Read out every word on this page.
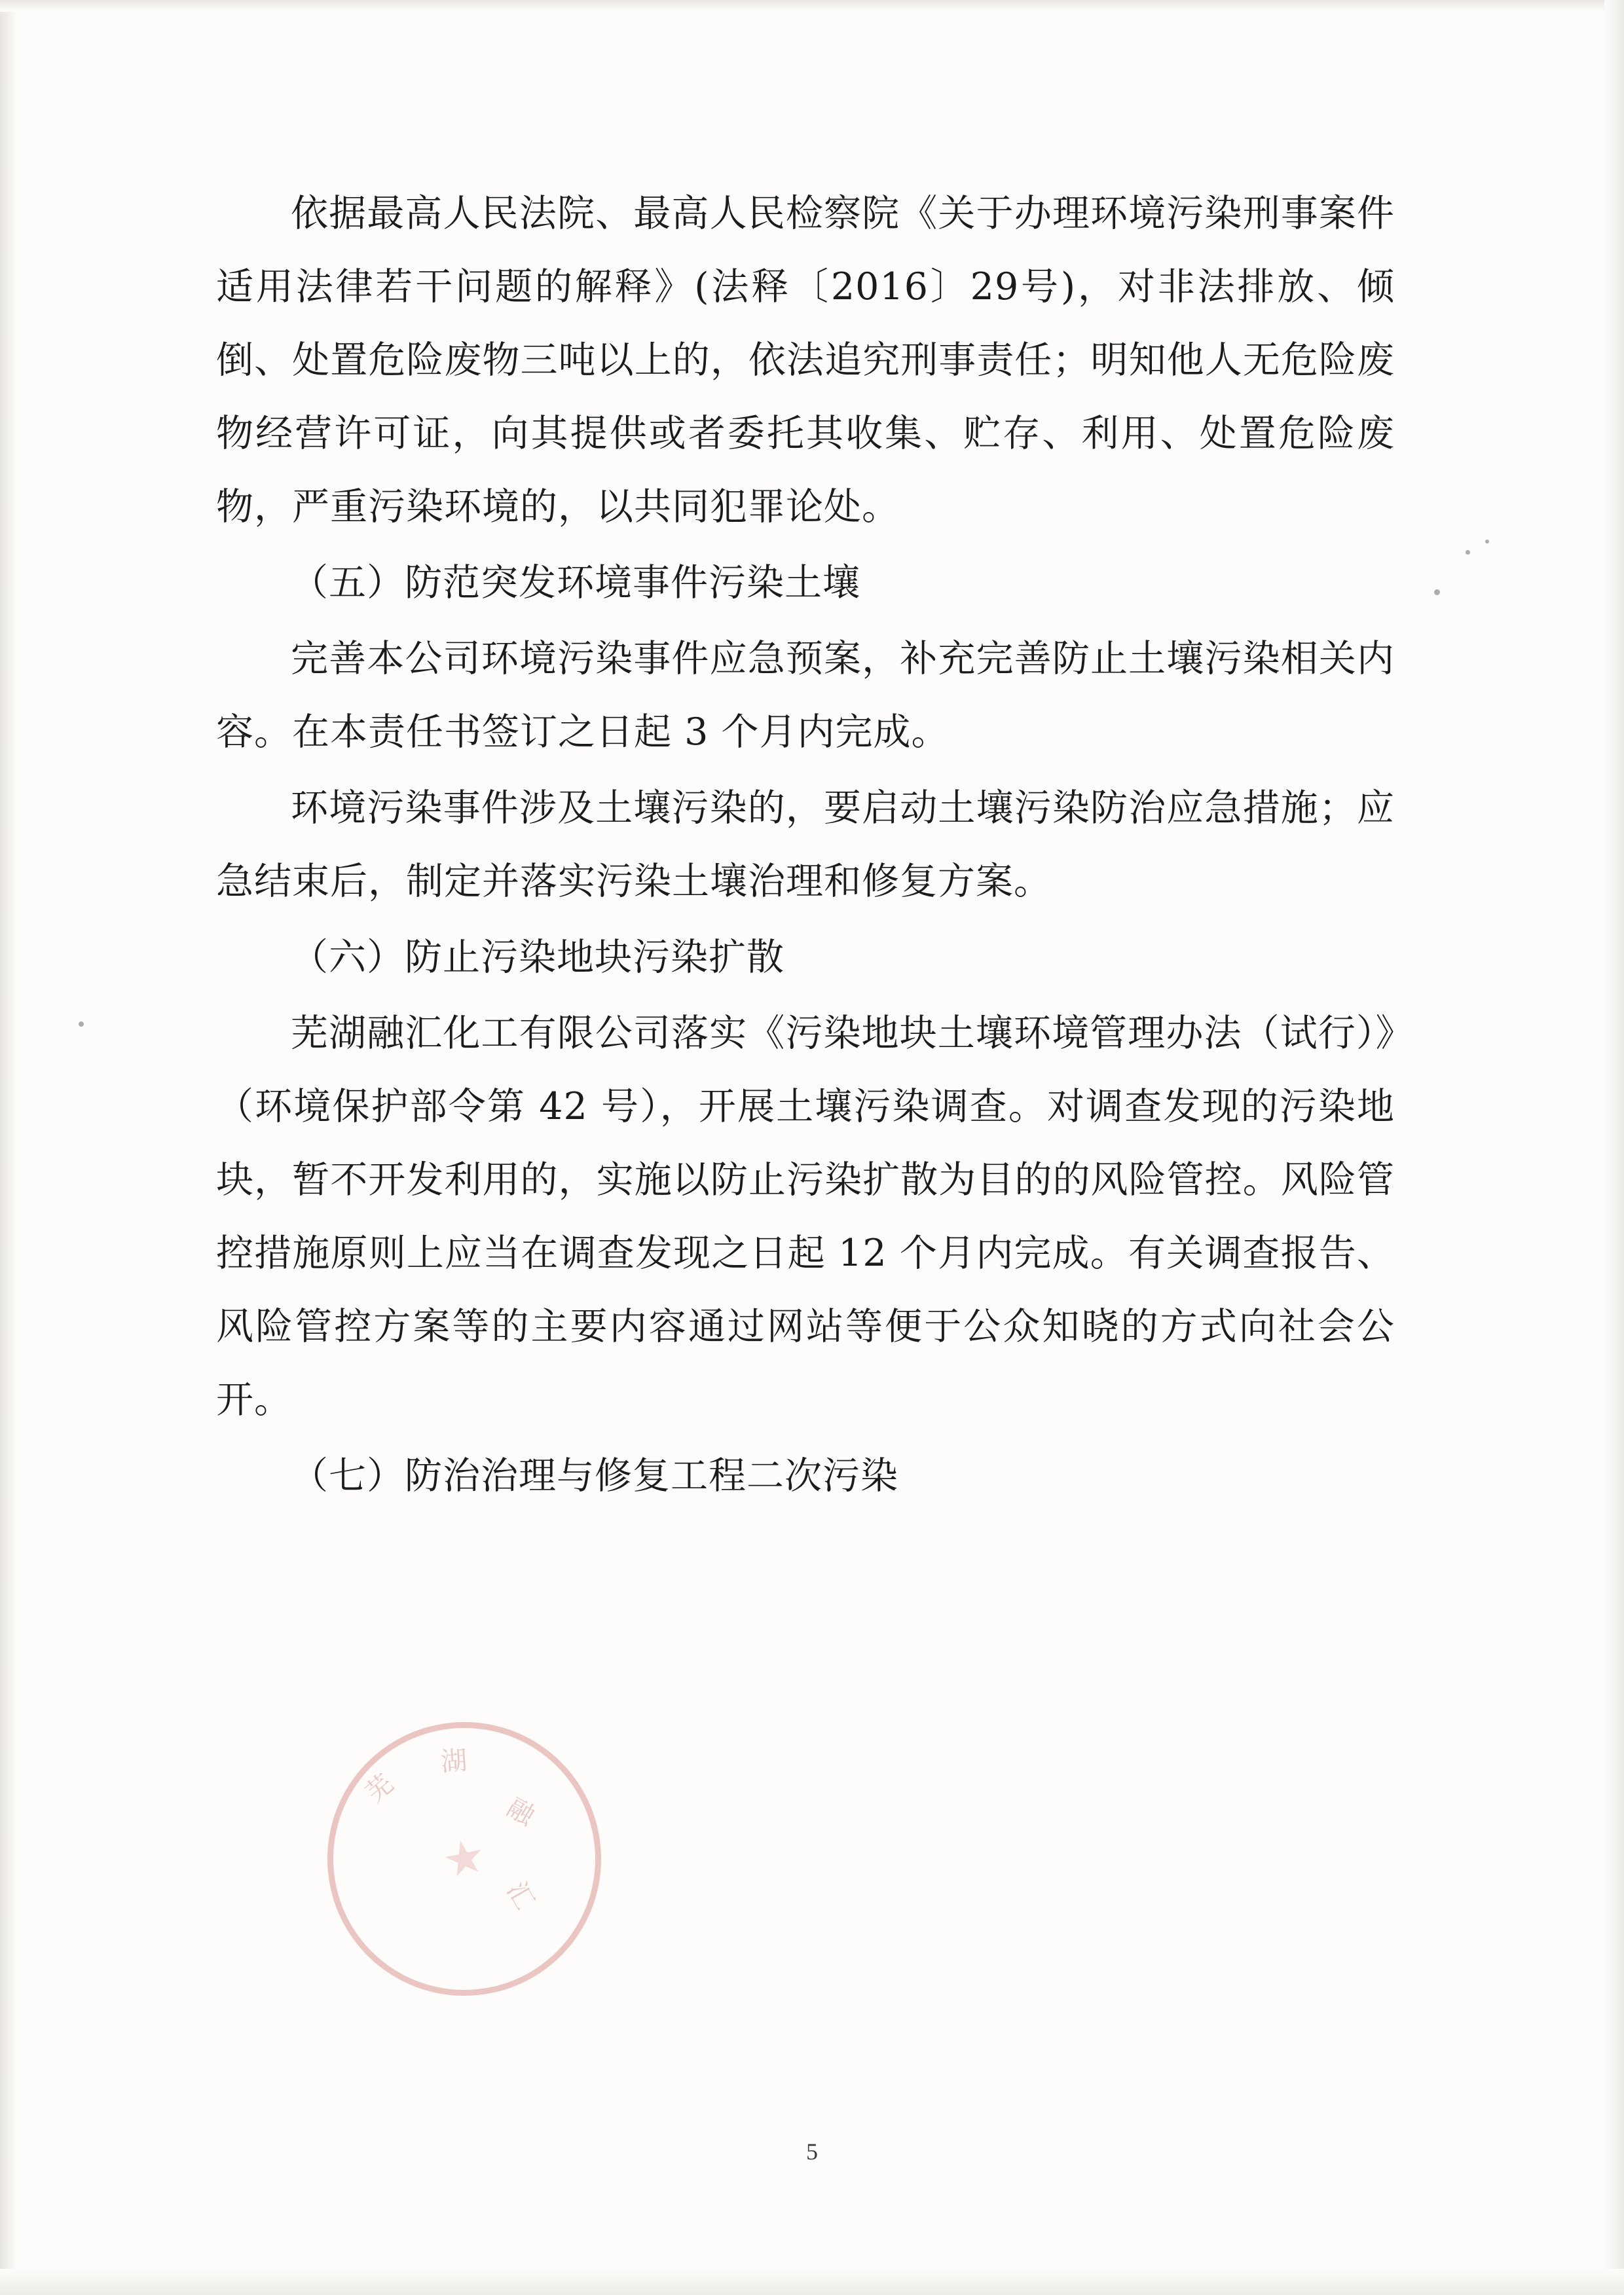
芜
湖
融
汇

依据最高人民法院、最高人民检察院《关于办理环境污染刑事案件适用法律若干问题的解释》(法释〔2016〕29号)，对非法排放、倾倒、处置危险废物三吨以上的，依法追究刑事责任；明知他人无危险废物经营许可证，向其提供或者委托其收集、贮存、利用、处置危险废物，严重污染环境的，以共同犯罪论处。

（五）防范突发环境事件污染土壤

完善本公司环境污染事件应急预案，补充完善防止土壤污染相关内容。在本责任书签订之日起 3 个月内完成。

环境污染事件涉及土壤污染的，要启动土壤污染防治应急措施；应急结束后，制定并落实污染土壤治理和修复方案。

（六）防止污染地块污染扩散

芜湖融汇化工有限公司落实《污染地块土壤环境管理办法（试行）》（环境保护部令第 42 号），开展土壤污染调查。对调查发现的污染地块，暂不开发利用的，实施以防止污染扩散为目的的风险管控。风险管控措施原则上应当在调查发现之日起 12 个月内完成。有关调查报告、风险管控方案等的主要内容通过网站等便于公众知晓的方式向社会公开。

（七）防治治理与修复工程二次污染

5
